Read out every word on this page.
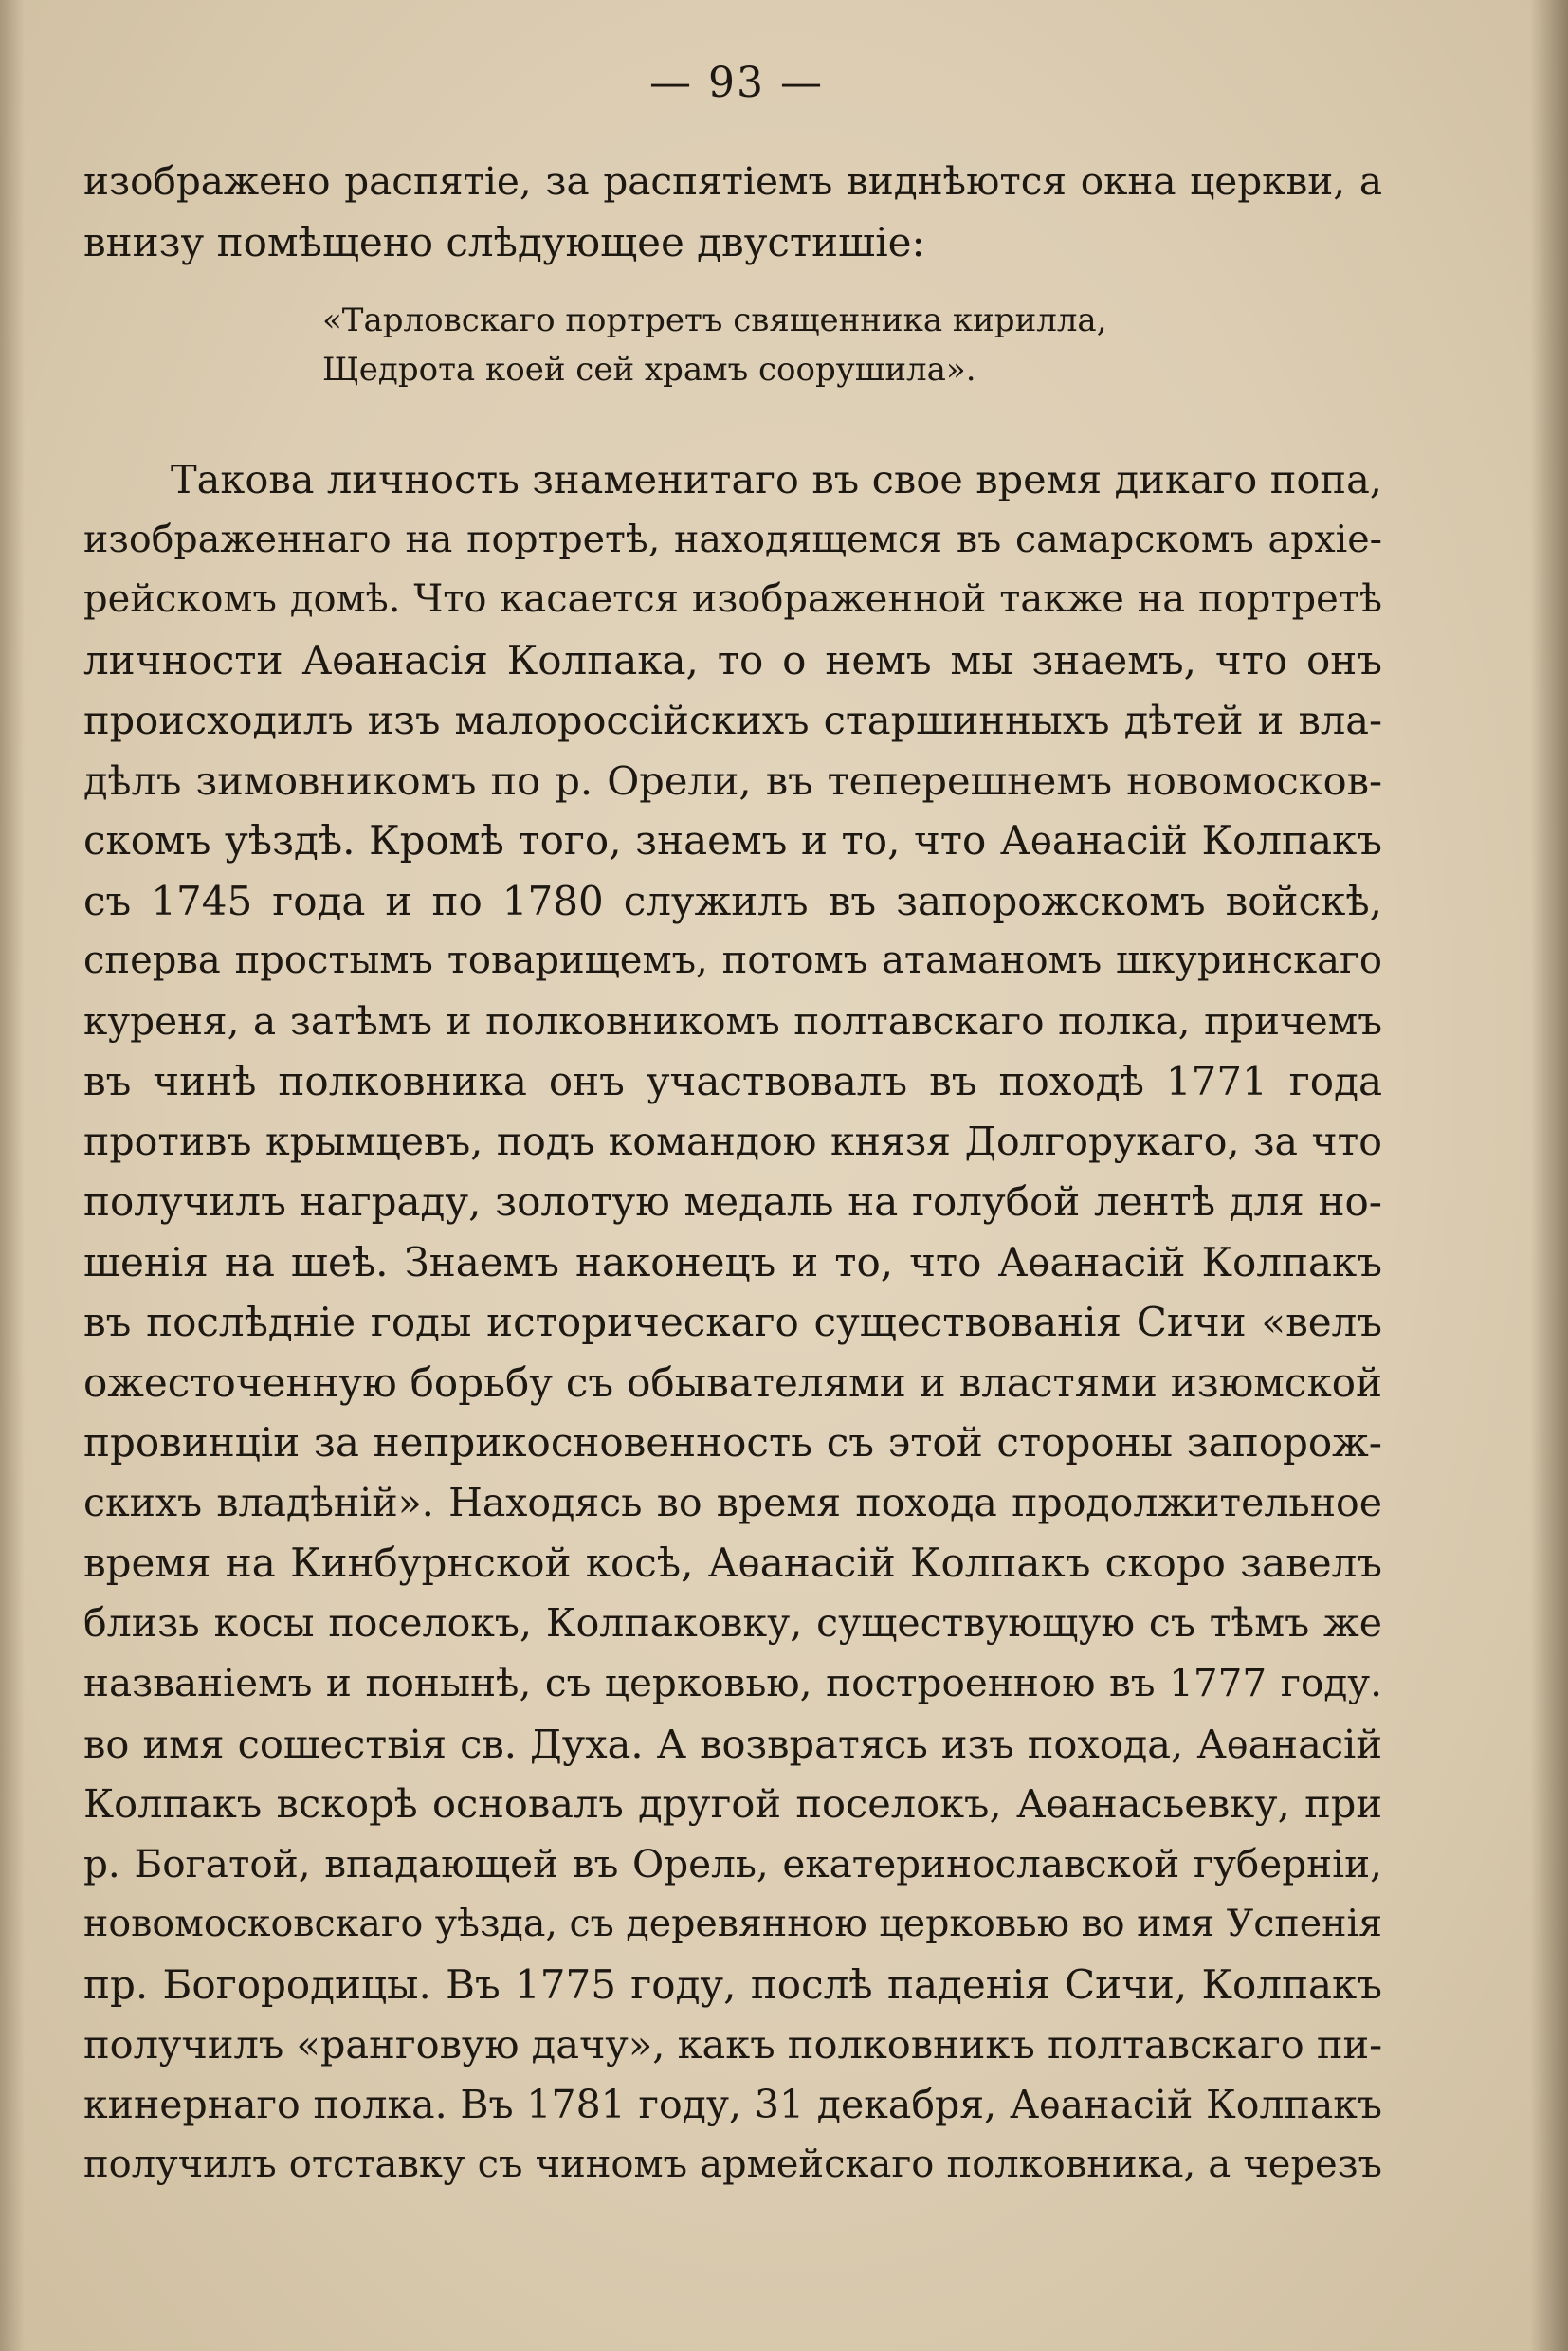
— 93 —
изображено распятіе, за распятіемъ виднѣются окна церкви, а
внизу помѣщено слѣдующее двустишіе:
«Тарловскаго портретъ священника кирилла,
Щедрота коей сей храмъ соорушила».
Такова личность знаменитаго въ свое время дикаго попа,
изображеннаго на портретѣ, находящемся въ самарскомъ архіе-
рейскомъ домѣ. Что касается изображенной также на портретѣ
личности Аѳанасія Колпака, то о немъ мы знаемъ, что онъ
происходилъ изъ малороссійскихъ старшинныхъ дѣтей и вла-
дѣлъ зимовникомъ по р. Орели, въ теперешнемъ новомосков-
скомъ уѣздѣ. Кромѣ того, знаемъ и то, что Аѳанасій Колпакъ
съ 1745 года и по 1780 служилъ въ запорожскомъ войскѣ,
сперва простымъ товарищемъ, потомъ атаманомъ шкуринскаго
куреня, а затѣмъ и полковникомъ полтавскаго полка, причемъ
въ чинѣ полковника онъ участвовалъ въ походѣ 1771 года
противъ крымцевъ, подъ командою князя Долгорукаго, за что
получилъ награду, золотую медаль на голубой лентѣ для но-
шенія на шеѣ. Знаемъ наконецъ и то, что Аѳанасій Колпакъ
въ послѣдніе годы историческаго существованія Сичи «велъ
ожесточенную борьбу съ обывателями и властями изюмской
провинціи за неприкосновенность съ этой стороны запорож-
скихъ владѣній». Находясь во время похода продолжительное
время на Кинбурнской косѣ, Аѳанасій Колпакъ скоро завелъ
близь косы поселокъ, Колпаковку, существующую съ тѣмъ же
названіемъ и понынѣ, съ церковью, построенною въ 1777 году.
во имя сошествія св. Духа. А возвратясь изъ похода, Аѳанасій
Колпакъ вскорѣ основалъ другой поселокъ, Аѳанасьевку, при
р. Богатой, впадающей въ Орель, екатеринославской губерніи,
новомосковскаго уѣзда, съ деревянною церковью во имя Успенія
пр. Богородицы. Въ 1775 году, послѣ паденія Сичи, Колпакъ
получилъ «ранговую дачу», какъ полковникъ полтавскаго пи-
кинернаго полка. Въ 1781 году, 31 декабря, Аѳанасій Колпакъ
получилъ отставку съ чиномъ армейскаго полковника, а черезъ
